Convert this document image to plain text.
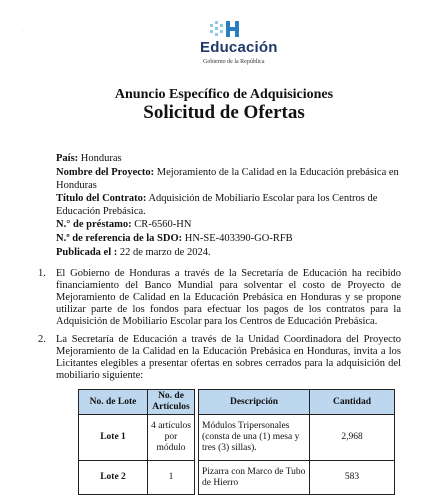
Educación
Gobierno de la República
·	·
Anuncio Específico de Adquisiciones
Solicitud de Ofertas
País: Honduras
Nombre del Proyecto: Mejoramiento de la Calidad en la Educación prebásica en Honduras
Título del Contrato: Adquisición de Mobiliario Escolar para los Centros de Educación Prebásica.
N.° de préstamo: CR-6560-HN
N.º de referencia de la SDO: HN-SE-403390-GO-RFB
Publicada el : 22 de marzo de 2024.
1. El Gobierno de Honduras a través de la Secretaría de Educación ha recibido financiamiento del Banco Mundial para solventar el costo de Proyecto de Mejoramiento de Calidad en la Educación Prebásica en Honduras y se propone utilizar parte de los fondos para efectuar los pagos de los contratos para la Adquisición de Mobiliario Escolar para los Centros de Educación Prebásica.
2. La Secretaría de Educación a través de la Unidad Coordinadora del Proyecto Mejoramiento de la Calidad en la Educación Prebásica en Honduras, invita a los Licitantes elegibles a presentar ofertas en sobres cerrados para la adquisición del mobiliario siguiente:
No. de Lote	No. de Artículos		Descripción	Cantidad
Lote 1	4 artículos por módulo		Módulos Tripersonales (consta de una (1) mesa y tres (3) sillas).	2,968
Lote 2	1		Pizarra con Marco de Tubo de Hierro	583
